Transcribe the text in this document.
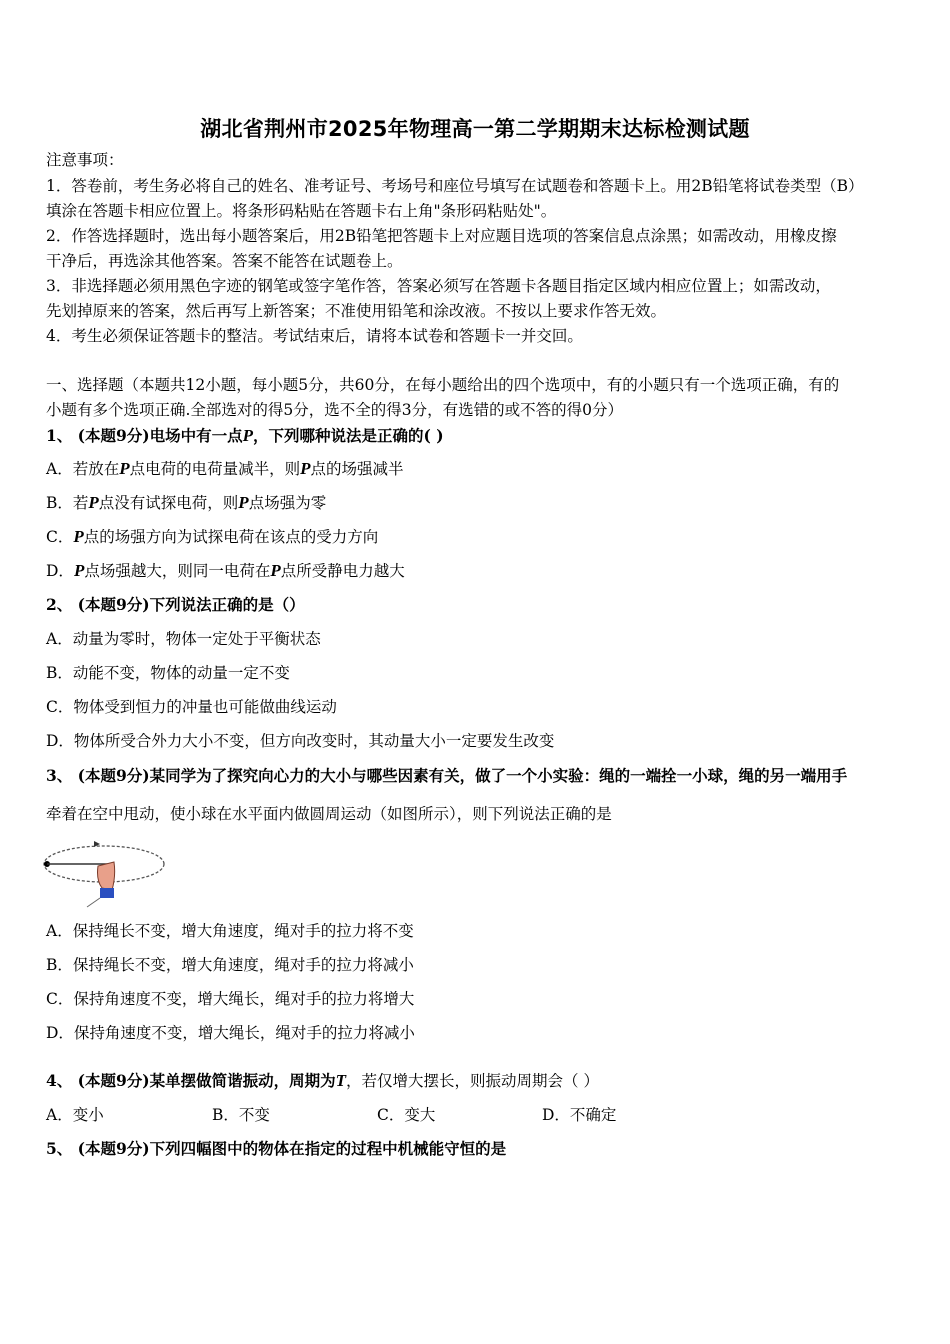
湖北省荆州市2025年物理高一第二学期期末达标检测试题
注意事项：
1．答卷前，考生务必将自己的姓名、准考证号、考场号和座位号填写在试题卷和答题卡上。用2B铅笔将试卷类型（B）
填涂在答题卡相应位置上。将条形码粘贴在答题卡右上角"条形码粘贴处"。
2．作答选择题时，选出每小题答案后，用2B铅笔把答题卡上对应题目选项的答案信息点涂黑；如需改动，用橡皮擦
干净后，再选涂其他答案。答案不能答在试题卷上。
3．非选择题必须用黑色字迹的钢笔或签字笔作答，答案必须写在答题卡各题目指定区域内相应位置上；如需改动，
先划掉原来的答案，然后再写上新答案；不准使用铅笔和涂改液。不按以上要求作答无效。
4．考生必须保证答题卡的整洁。考试结束后，请将本试卷和答题卡一并交回。
一、选择题（本题共12小题，每小题5分，共60分，在每小题给出的四个选项中，有的小题只有一个选项正确，有的
小题有多个选项正确.全部选对的得5分，选不全的得3分，有选错的或不答的得0分）
1、 (本题9分)电场中有一点P，下列哪种说法是正确的( )
A．若放在P点电荷的电荷量减半，则P点的场强减半
B．若P点没有试探电荷，则P点场强为零
C．P点的场强方向为试探电荷在该点的受力方向
D．P点场强越大，则同一电荷在P点所受静电力越大
2、 (本题9分)下列说法正确的是（）
A．动量为零时，物体一定处于平衡状态
B．动能不变，物体的动量一定不变
C．物体受到恒力的冲量也可能做曲线运动
D．物体所受合外力大小不变，但方向改变时，其动量大小一定要发生改变
3、 (本题9分)某同学为了探究向心力的大小与哪些因素有关，做了一个小实验：绳的一端拴一小球，绳的另一端用手
牵着在空中甩动，使小球在水平面内做圆周运动（如图所示），则下列说法正确的是
A．保持绳长不变，增大角速度，绳对手的拉力将不变
B．保持绳长不变，增大角速度，绳对手的拉力将减小
C．保持角速度不变，增大绳长，绳对手的拉力将增大
D．保持角速度不变，增大绳长，绳对手的拉力将减小
4、 (本题9分)某单摆做简谐振动，周期为T，若仅增大摆长，则振动周期会（ ）
A．变小	B．不变	C．变大	D．不确定
5、 (本题9分)下列四幅图中的物体在指定的过程中机械能守恒的是
